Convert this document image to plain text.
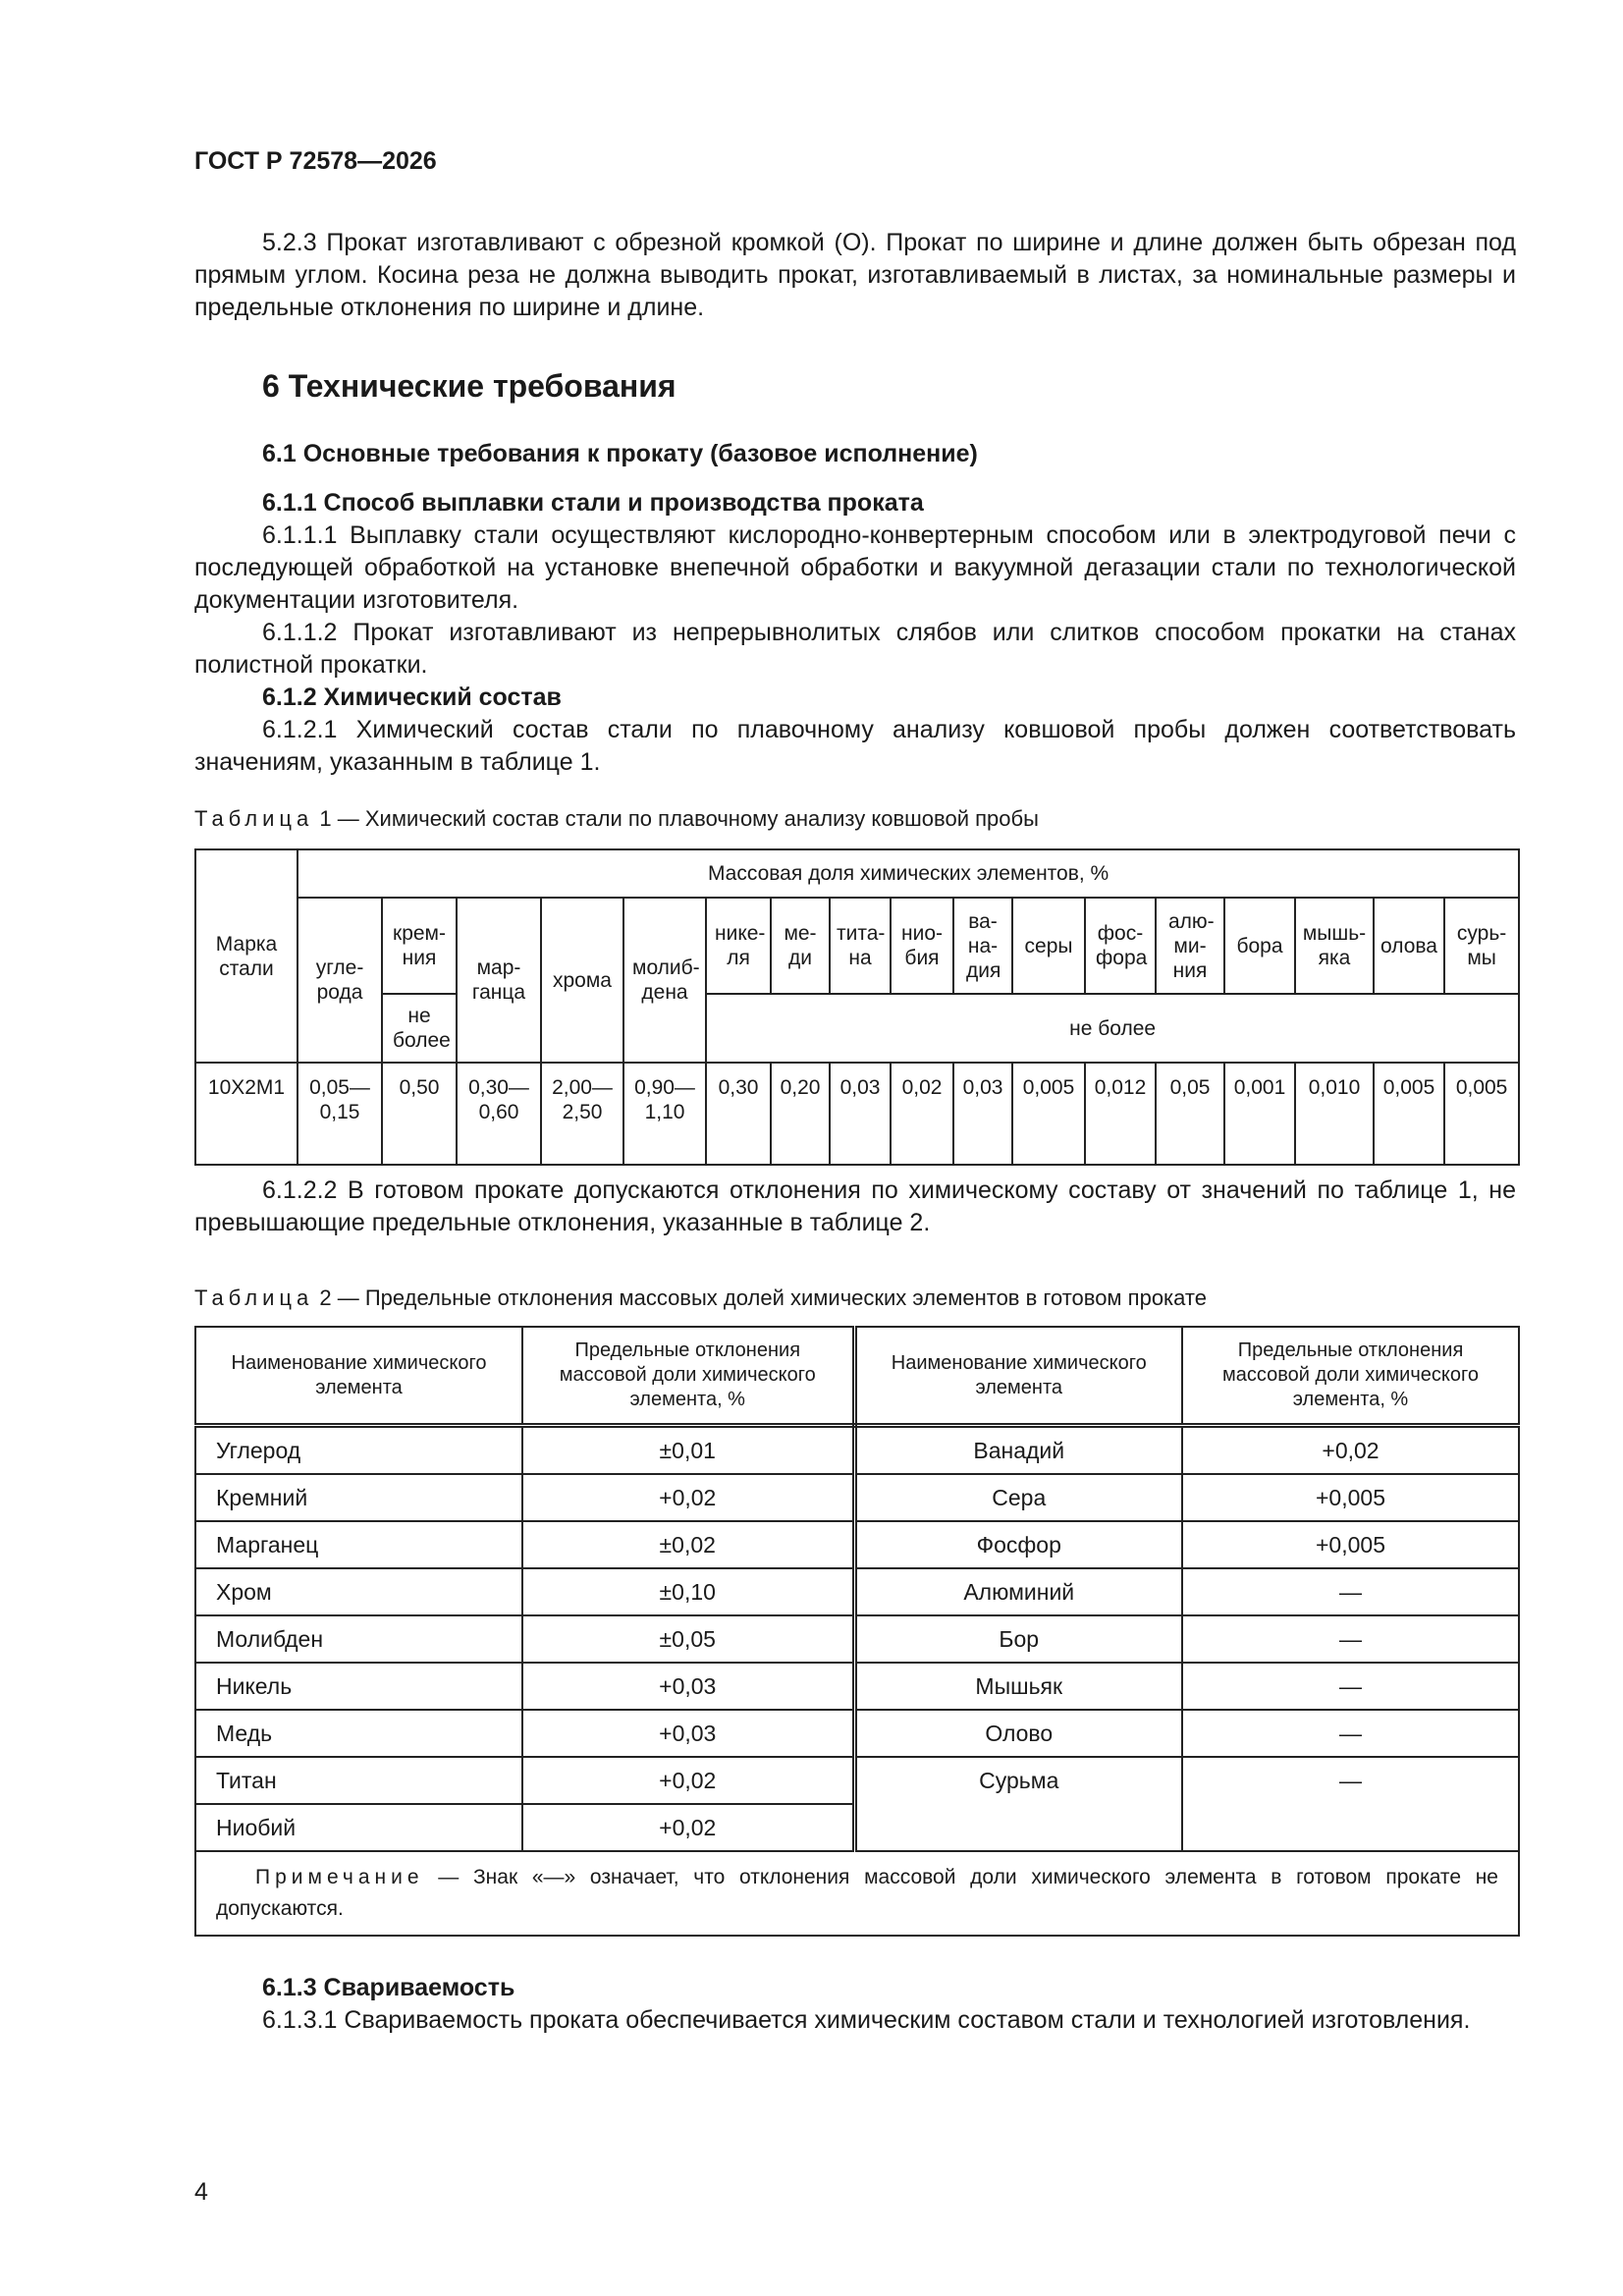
ГОСТ Р 72578—2026

5.2.3 Прокат изготавливают с обрезной кромкой (О). Прокат по ширине и длине должен быть обрезан под прямым углом. Косина реза не должна выводить прокат, изготавливаемый в листах, за номинальные размеры и предельные отклонения по ширине и длине.

6 Технические требования
6.1 Основные требования к прокату (базовое исполнение)
6.1.1 Способ выплавки стали и производства проката

6.1.1.1 Выплавку стали осуществляют кислородно-конвертерным способом или в электродуговой печи с последующей обработкой на установке внепечной обработки и вакуумной дегазации стали по технологической документации изготовителя.

6.1.1.2 Прокат изготавливают из непрерывнолитых слябов или слитков способом прокатки на станах полистной прокатки.

6.1.2 Химический состав

6.1.2.1 Химический состав стали по плавочному анализу ковшовой пробы должен соответствовать значениям, указанным в таблице 1.

Таблица 1 — Химический состав стали по плавочному анализу ковшовой пробы

Марка стали	Массовая доля химических элементов, %																
	угле-рода	крем-ния	мар-ганца	хрома	молиб-дена	нике-ля	ме-ди	тита-на	нио-бия	ва-на-дия	серы	фос-фора	алю-ми-ния	бора	мышь-яка	олова	сурь-мы
		не более				не более											
10Х2М1	0,05— 0,15	0,50	0,30— 0,60	2,00— 2,50	0,90— 1,10	0,30	0,20	0,03	0,02	0,03	0,005	0,012	0,05	0,001	0,010	0,005	0,005

6.1.2.2 В готовом прокате допускаются отклонения по химическому составу от значений по таблице 1, не превышающие предельные отклонения, указанные в таблице 2.

Таблица 2 — Предельные отклонения массовых долей химических элементов в готовом прокате

Наименование химического элемента	Предельные отклонения массовой доли химического элемента, %	Наименование химического элемента	Предельные отклонения массовой доли химического элемента, %
Углерод	±0,01	Ванадий	+0,02
Кремний	+0,02	Сера	+0,005
Марганец	±0,02	Фосфор	+0,005
Хром	±0,10	Алюминий	—
Молибден	±0,05	Бор	—
Никель	+0,03	Мышьяк	—
Медь	+0,03	Олово	—
Титан	+0,02	Сурьма	—
Ниобий	+0,02		
Примечание — Знак «—» означает, что отклонения массовой доли химического элемента в готовом прокате не допускаются.			
6.1.3 Свариваемость

6.1.3.1 Свариваемость проката обеспечивается химическим составом стали и технологией изготовления.

4
